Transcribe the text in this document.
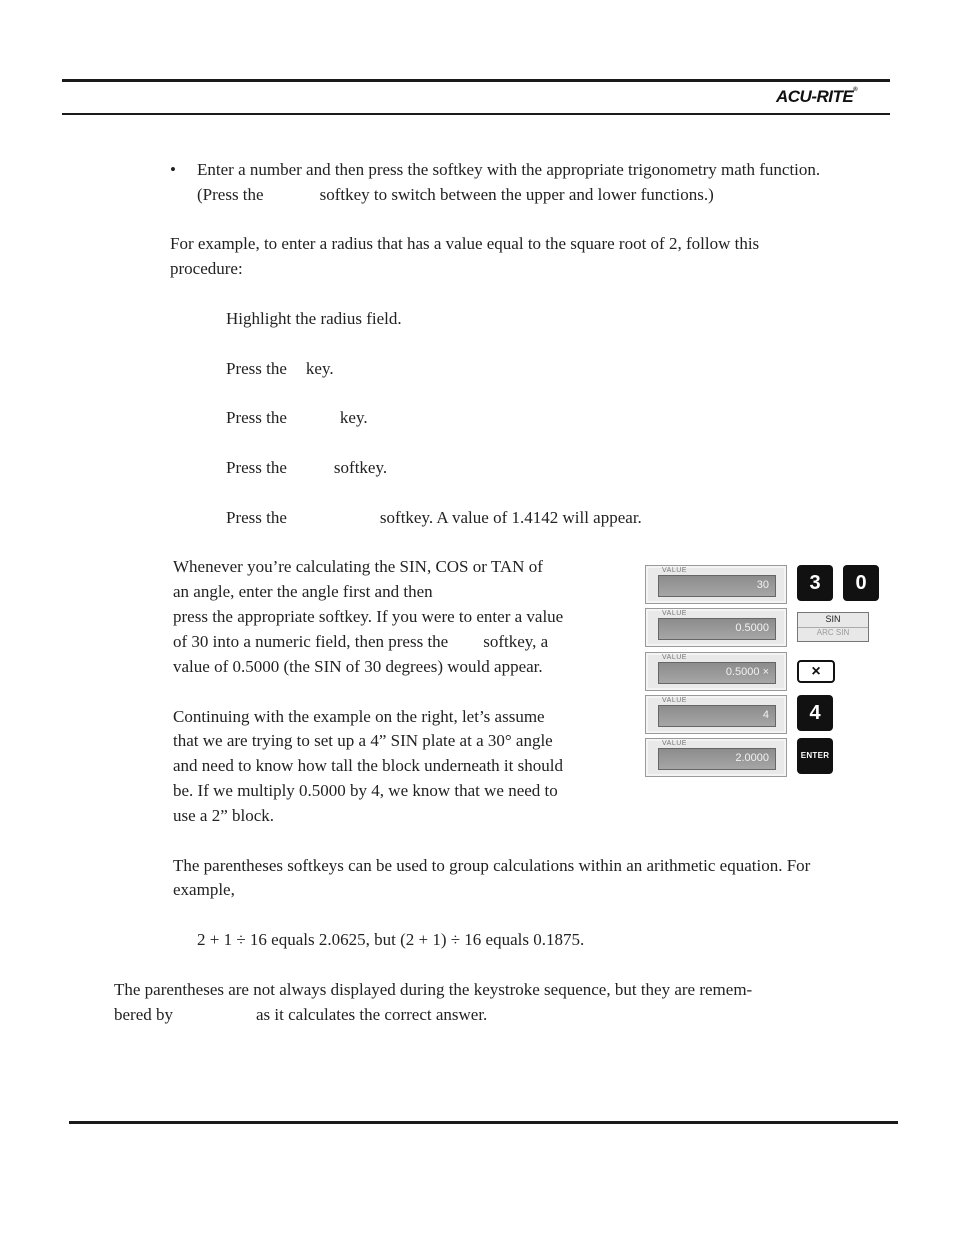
ACU-RITE®

• Enter a number and then press the softkey with the appropriate trigonometry math function.

(Press the	softkey to switch between the upper and lower functions.)

For example, to enter a radius that has a value equal to the square root of 2, follow this

procedure:

Highlight the radius field.

Press the key.

Press the	key.

Press the	softkey.

Press the	softkey. A value of 1.4142 will appear.

Whenever you’re calculating the SIN, COS or TAN of

an angle, enter the angle first and then

press the appropriate softkey. If you were to enter a value

of 30 into a numeric field, then press the softkey, a

value of 0.5000 (the SIN of 30 degrees) would appear.

Continuing with the example on the right, let’s assume

that we are trying to set up a 4” SIN plate at a 30° angle

and need to know how tall the block underneath it should

be. If we multiply 0.5000 by 4, we know that we need to

use a 2” block.

VALUE
30
VALUE
0.5000
VALUE
0.5000 ×
VALUE
4
VALUE
2.0000
3	0
SIN
ARC SIN
×
4
ENTER

The parentheses softkeys can be used to group calculations within an arithmetic equation. For

example,

2 + 1 ÷ 16 equals 2.0625, but (2 + 1) ÷ 16 equals 0.1875.

The parentheses are not always displayed during the keystroke sequence, but they are remem-

bered by	as it calculates the correct answer.
